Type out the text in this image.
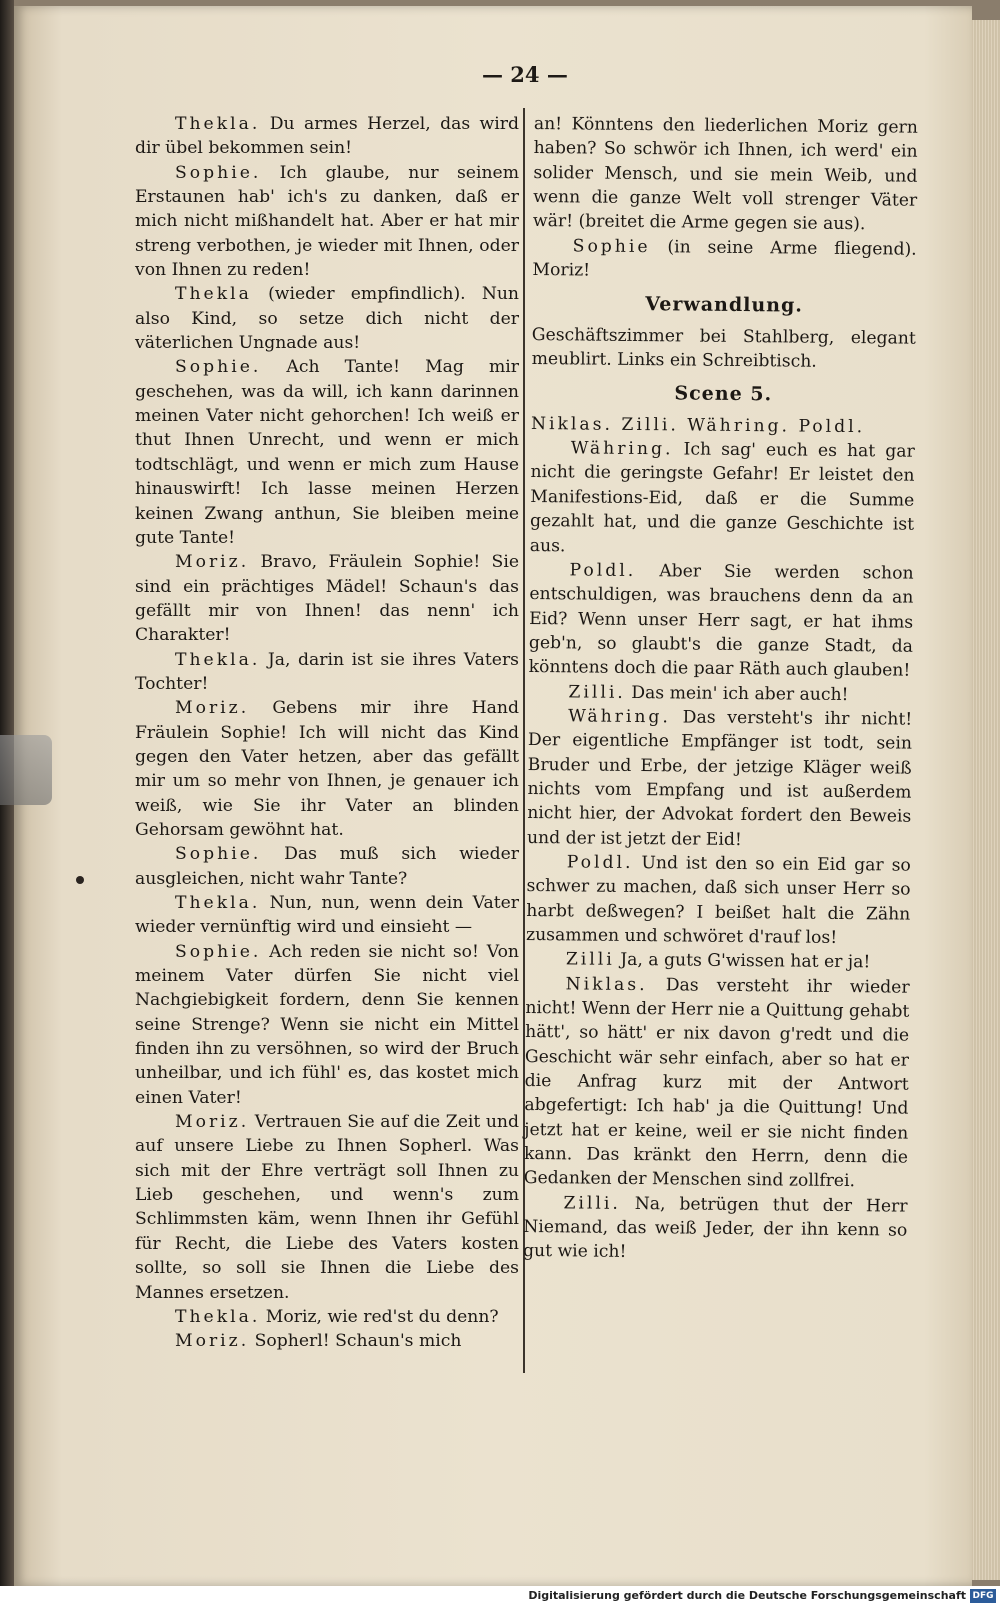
— 24 —

Thekla. Du armes Herzel, das wird dir übel bekommen sein!

Sophie. Ich glaube, nur seinem Erstaunen hab' ich's zu danken, daß er mich nicht mißhandelt hat. Aber er hat mir streng verbothen, je wieder mit Ihnen, oder von Ihnen zu reden!

Thekla (wieder empfindlich). Nun also Kind, so setze dich nicht der väterlichen Ungnade aus!

Sophie. Ach Tante! Mag mir geschehen, was da will, ich kann darinnen meinen Vater nicht gehorchen! Ich weiß er thut Ihnen Unrecht, und wenn er mich todtschlägt, und wenn er mich zum Hause hinauswirft! Ich lasse meinen Herzen keinen Zwang anthun, Sie bleiben meine gute Tante!

Moriz. Bravo, Fräulein Sophie! Sie sind ein prächtiges Mädel! Schaun's das gefällt mir von Ihnen! das nenn' ich Charakter!

Thekla. Ja, darin ist sie ihres Vaters Tochter!

Moriz. Gebens mir ihre Hand Fräulein Sophie! Ich will nicht das Kind gegen den Vater hetzen, aber das gefällt mir um so mehr von Ihnen, je genauer ich weiß, wie Sie ihr Vater an blinden Gehorsam gewöhnt hat.

Sophie. Das muß sich wieder ausgleichen, nicht wahr Tante?

Thekla. Nun, nun, wenn dein Vater wieder vernünftig wird und einsieht —

Sophie. Ach reden sie nicht so! Von meinem Vater dürfen Sie nicht viel Nachgiebigkeit fordern, denn Sie kennen seine Strenge? Wenn sie nicht ein Mittel finden ihn zu versöhnen, so wird der Bruch unheilbar, und ich fühl' es, das kostet mich einen Vater!

Moriz. Vertrauen Sie auf die Zeit und auf unsere Liebe zu Ihnen Sopherl. Was sich mit der Ehre verträgt soll Ihnen zu Lieb geschehen, und wenn's zum Schlimmsten käm, wenn Ihnen ihr Gefühl für Recht, die Liebe des Vaters kosten sollte, so soll sie Ihnen die Liebe des Mannes ersetzen.

Thekla. Moriz, wie red'st du denn?

Moriz. Sopherl! Schaun's mich

an! Könntens den liederlichen Moriz gern haben? So schwör ich Ihnen, ich werd' ein solider Mensch, und sie mein Weib, und wenn die ganze Welt voll strenger Väter wär! (breitet die Arme gegen sie aus).

Sophie (in seine Arme fliegend). Moriz!

Verwandlung.

Geschäftszimmer bei Stahlberg, elegant meublirt. Links ein Schreibtisch.

Scene 5.

Niklas. Zilli. Währing. Poldl.

Währing. Ich sag' euch es hat gar nicht die geringste Gefahr! Er leistet den Manifestions-Eid, daß er die Summe gezahlt hat, und die ganze Geschichte ist aus.

Poldl. Aber Sie werden schon entschuldigen, was brauchens denn da an Eid? Wenn unser Herr sagt, er hat ihms geb'n, so glaubt's die ganze Stadt, da könntens doch die paar Räth auch glauben!

Zilli. Das mein' ich aber auch!

Währing. Das versteht's ihr nicht! Der eigentliche Empfänger ist todt, sein Bruder und Erbe, der jetzige Kläger weiß nichts vom Empfang und ist außerdem nicht hier, der Advokat fordert den Beweis und der ist jetzt der Eid!

Poldl. Und ist den so ein Eid gar so schwer zu machen, daß sich unser Herr so harbt deßwegen? I beißet halt die Zähn zusammen und schwöret d'rauf los!

Zilli Ja, a guts G'wissen hat er ja!

Niklas. Das versteht ihr wieder nicht! Wenn der Herr nie a Quittung gehabt hätt', so hätt' er nix davon g'redt und die Geschicht wär sehr einfach, aber so hat er die Anfrag kurz mit der Antwort abgefertigt: Ich hab' ja die Quittung! Und jetzt hat er keine, weil er sie nicht finden kann. Das kränkt den Herrn, denn die Gedanken der Menschen sind zollfrei.

Zilli. Na, betrügen thut der Herr Niemand, das weiß Jeder, der ihn kenn so gut wie ich!

Digitalisierung gefördert durch die Deutsche Forschungsgemeinschaft DFG
